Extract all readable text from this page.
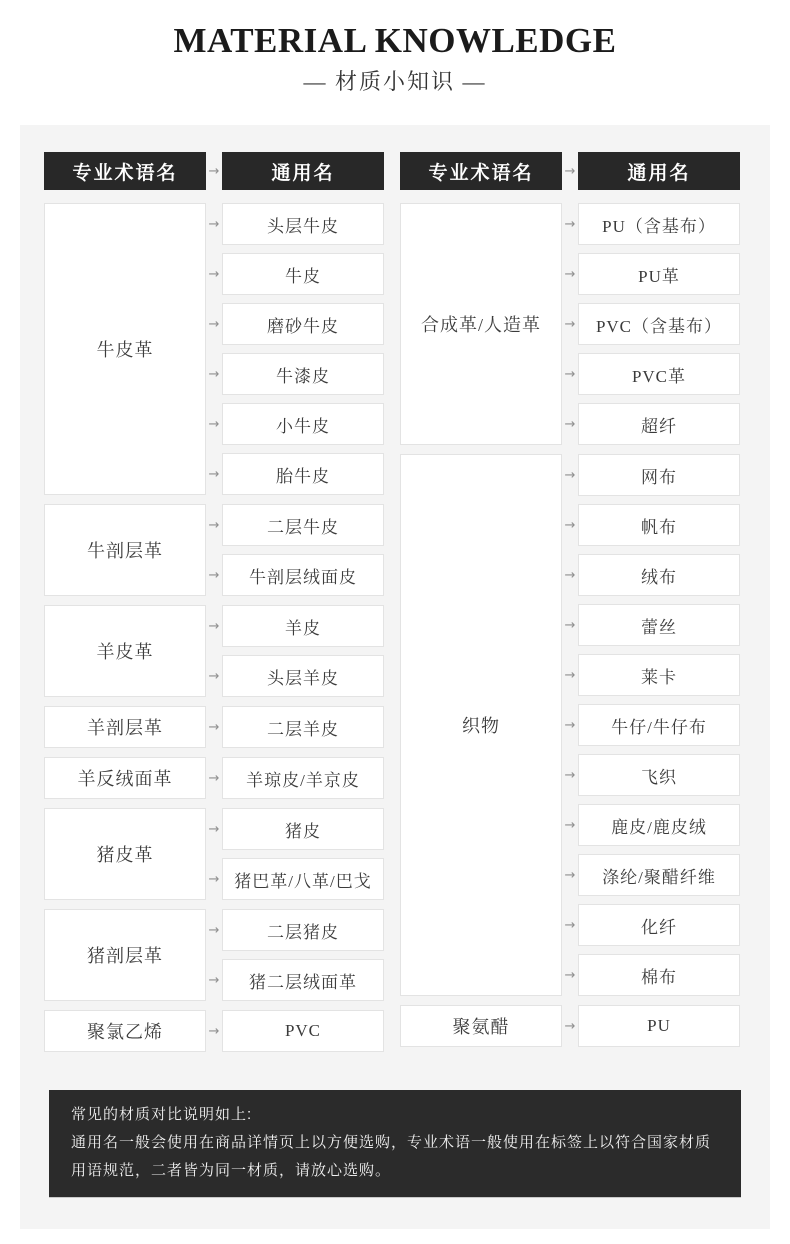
MATERIAL KNOWLEDGE
— 材质小知识 —
专业术语名	→	通用名
牛皮革
→	头层牛皮
→	牛皮
→	磨砂牛皮
→	牛漆皮
→	小牛皮
→	胎牛皮
牛剖层革
→	二层牛皮
→	牛剖层绒面皮
羊皮革
→	羊皮
→	头层羊皮
羊剖层革	→	二层羊皮
羊反绒面革	→	羊琼皮/羊京皮
猪皮革
→	猪皮
→ 猪巴革/八革/巴戈
猪剖层革
→	二层猪皮
→	猪二层绒面革
聚氯乙烯	→	PVC
专业术语名	→	通用名
合成革/人造革
→	PU（含基布）
→	PU革
→	PVC（含基布）
→	PVC革
→	超纤
织物
→	网布
→	帆布
→	绒布
→	蕾丝
→	莱卡
→	牛仔/牛仔布
→	飞织
→	鹿皮/鹿皮绒
→	涤纶/聚醋纤维
→	化纤
→	棉布
聚氨醋	→	PU
常见的材质对比说明如上:
通用名一般会使用在商品详情页上以方便选购，专业术语一般使用在标签上以符合国家材质用语规范，二者皆为同一材质，请放心选购。
